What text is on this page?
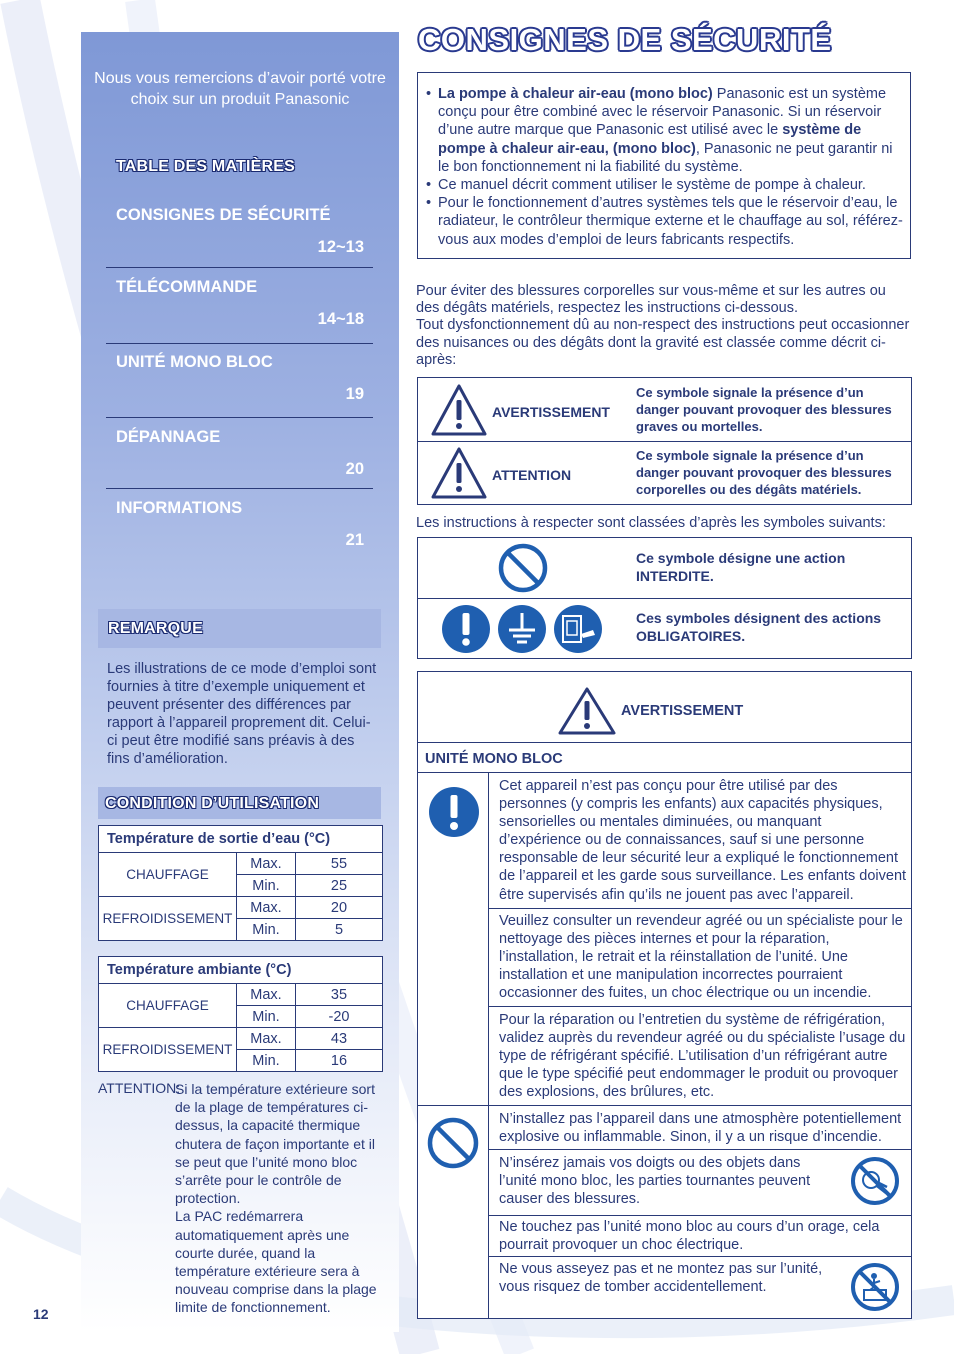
Nous vous remercions d’avoir porté votre choix sur un produit Panasonic
TABLE DES MATIÈRES
CONSIGNES DE SÉCURITÉ
12~13
TÉLÉCOMMANDE
14~18
UNITÉ MONO BLOC
19
DÉPANNAGE
20
INFORMATIONS
21
REMARQUE
Les illustrations de ce mode d’emploi sont fournies à titre d’exemple uniquement et peuvent présenter des différences par rapport à l’appareil proprement dit. Celui-ci peut être modifié sans préavis à des fins d’amélioration.
CONDITION D’UTILISATION
Température de sortie d’eau (°C)		
CHAUFFAGE	Max.	55
	Min.	25
REFROIDISSEMENT	Max.	20
	Min.	5
Température ambiante (°C)		
CHAUFFAGE	Max.	35
	Min.	-20
REFROIDISSEMENT	Max.	43
	Min.	16
ATTENTION:
Si la température extérieure sort de la plage de températures ci-dessus, la capacité thermique chutera de façon importante et il se peut que l’unité mono bloc s’arrête pour le contrôle de protection.
La PAC redémarrera automatiquement après une courte durée, quand la température extérieure sera à nouveau comprise dans la plage limite de fonctionnement.
12
CONSIGNES DE SÉCURITÉ
• La pompe à chaleur air-eau (mono bloc) Panasonic est un système conçu pour être combiné avec le réservoir Panasonic. Si un réservoir d’une autre marque que Panasonic est utilisé avec le système de pompe à chaleur air-eau, (mono bloc), Panasonic ne peut garantir ni le bon fonctionnement ni la fiabilité du système.
• Ce manuel décrit comment utiliser le système de pompe à chaleur.
• Pour le fonctionnement d’autres systèmes tels que le réservoir d’eau, le radiateur, le contrôleur thermique externe et le chauffage au sol, référez-vous aux modes d’emploi de leurs fabricants respectifs.
Pour éviter des blessures corporelles sur vous-même et sur les autres ou des dégâts matériels, respectez les instructions ci-dessous.
Tout dysfonctionnement dû au non-respect des instructions peut occasionner des nuisances ou des dégâts dont la gravité est classée comme décrit ci-après:
AVERTISSEMENT
Ce symbole signale la présence d’un danger pouvant provoquer des blessures graves ou mortelles.
ATTENTION
Ce symbole signale la présence d’un danger pouvant provoquer des blessures corporelles ou des dégâts matériels.
Les instructions à respecter sont classées d’après les symboles suivants:
Ce symbole désigne une action INTERDITE.
Ces symboles désignent des actions OBLIGATOIRES.
AVERTISSEMENT
UNITÉ MONO BLOC
Cet appareil n’est pas conçu pour être utilisé par des personnes (y compris les enfants) aux capacités physiques, sensorielles ou mentales diminuées, ou manquant d’expérience ou de connaissances, sauf si une personne responsable de leur sécurité leur a expliqué le fonctionnement de l’appareil et les garde sous surveillance. Les enfants doivent être supervisés afin qu’ils ne jouent pas avec l’appareil.
Veuillez consulter un revendeur agréé ou un spécialiste pour le nettoyage des pièces internes et pour la réparation, l’installation, le retrait et la réinstallation de l’unité. Une installation et une manipulation incorrectes pourraient occasionner des fuites, un choc électrique ou un incendie.
Pour la réparation ou l’entretien du système de réfrigération, validez auprès du revendeur agréé ou du spécialiste l’usage du type de réfrigérant spécifié. L’utilisation d’un réfrigérant autre que le type spécifié peut endommager le produit ou provoquer des explosions, des brûlures, etc.
N’installez pas l’appareil dans une atmosphère potentiellement explosive ou inflammable. Sinon, il y a un risque d’incendie.
N’insérez jamais vos doigts ou des objets dans l’unité mono bloc, les parties tournantes peuvent causer des blessures.
Ne touchez pas l’unité mono bloc au cours d’un orage, cela pourrait provoquer un choc électrique.
Ne vous asseyez pas et ne montez pas sur l’unité, vous risquez de tomber accidentellement.
